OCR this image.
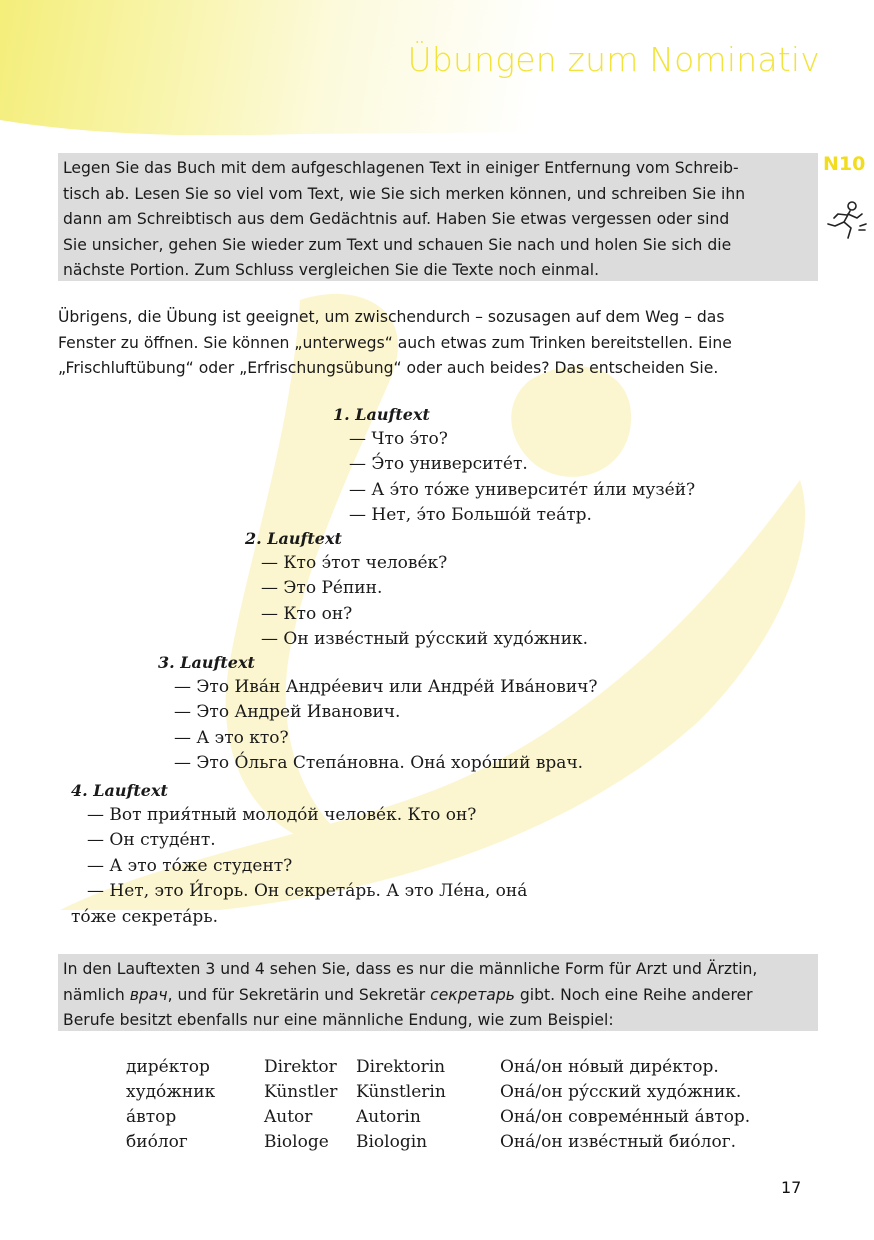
Übungen zum Nominativ

Legen Sie das Buch mit dem aufgeschlagenen Text in einiger Entfernung vom Schreib-

tisch ab. Lesen Sie so viel vom Text, wie Sie sich merken können, und schreiben Sie ihn

dann am Schreibtisch aus dem Gedächtnis auf. Haben Sie etwas vergessen oder sind

Sie unsicher, gehen Sie wieder zum Text und schauen Sie nach und holen Sie sich die

nächste Portion. Zum Schluss vergleichen Sie die Texte noch einmal.

N10
Übrigens, die Übung ist geeignet, um zwischendurch – sozusagen auf dem Weg – das
Fenster zu öffnen. Sie können „unterwegs“ auch etwas zum Trinken bereitstellen. Eine
„Frischluftübung“ oder „Erfrischungsübung“ oder auch beides? Das entscheiden Sie.
1. Lauftext
— Что э́то?
— Э́то университе́т.
— А э́то то́же университе́т и́ли музе́й?
— Нет, э́то Большо́й теа́тр.
2. Lauftext
— Кто э́тот челове́к?
— Это Ре́пин.
— Кто он?
— Он изве́стный ру́сский худо́жник.
3. Lauftext
— Это Ива́н Андре́евич или Андре́й Ива́нович?
— Это Андрей Иванович.
— А это кто?
— Это О́льга Степа́новна. Она́ хоро́ший врач.
4. Lauftext
— Вот прия́тный молодо́й челове́к. Кто он?
— Он студе́нт.
— А это то́же студент?
— Нет, это И́горь. Он секрета́рь. А это Ле́на, она́
то́же секрета́рь.

In den Lauftexten 3 und 4 sehen Sie, dass es nur die männliche Form für Arzt und Ärztin,

nämlich врач, und für Sekretärin und Sekretär секретарь gibt. Noch eine Reihe anderer

Berufe besitzt ebenfalls nur eine männliche Endung, wie zum Beispiel:

дире́ктор	Direktor	Direktorin	Она́/он но́вый дире́ктор.
худо́жник	Künstler	Künstlerin	Она́/он ру́сский худо́жник.
а́втор	Autor	Autorin	Она́/он совреме́нный а́втор.
био́лог	Biologe	Biologin	Она́/он изве́стный био́лог.
17
